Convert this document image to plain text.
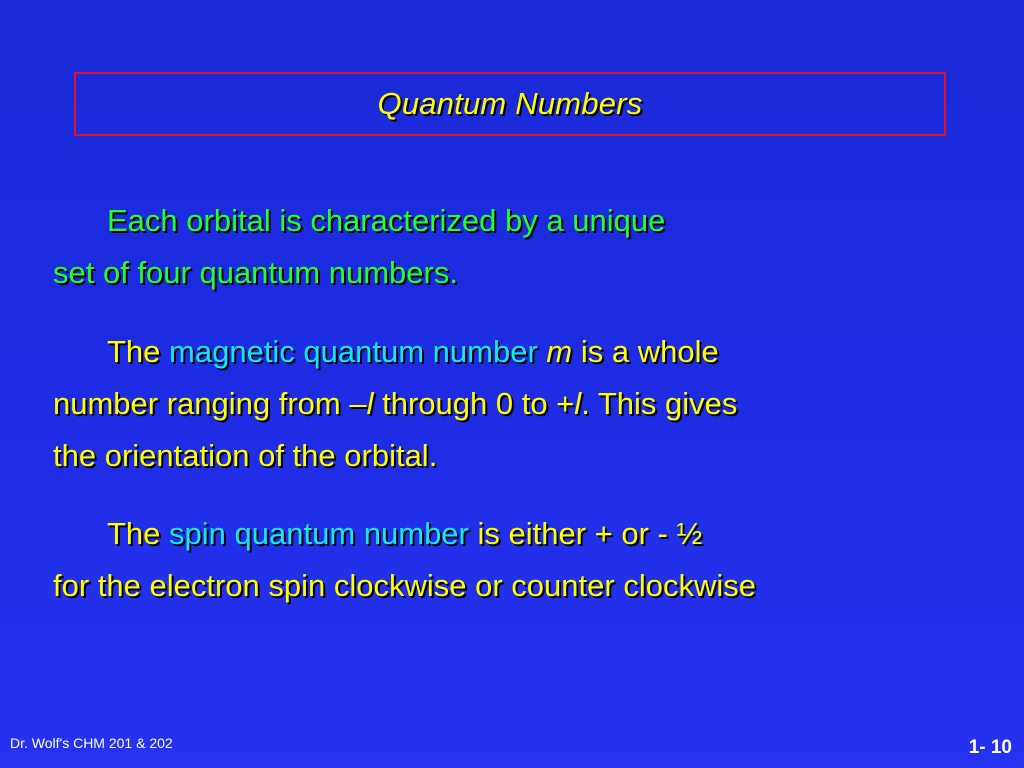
Quantum Numbers
Each orbital is characterized by a unique
set of four quantum numbers.
The magnetic quantum number m is a whole
number ranging from –l through 0 to +l. This gives
the orientation of the orbital.
The spin quantum number is either + or - ½
for the electron spin clockwise or counter clockwise
Dr. Wolf's CHM 201 & 202	1- 10
